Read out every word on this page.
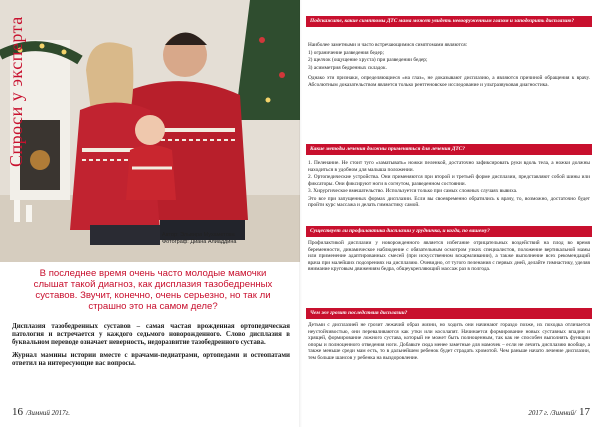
Спроси у эксперта
Автор: Эльвира Мухаметова
Фотограф: Диана Алиаддина
В последнее время очень часто молодые мамочки слышат такой диагноз, как дисплазия тазобедренных суставов. Звучит, конечно, очень серьезно, но так ли страшно это на самом деле?

Дисплазия тазобедренных суставов – самая частая врожденная ортопедическая патология и встречается у каждого седьмого новорожденного. Слово дисплазия в буквальном переводе означает неверность, недоразвитие тазобедренного сустава.

Журнал мамины истории вместе с врачами-педиатрами, ортопедами и остеопатами ответил на интересующие вас вопросы.

16 /Зимний 2017г.
Подскажите, какие симптомы ДТС мама может увидеть невооруженным глазом и заподозрить дисплазию?

Наиболее заметными и часто встречающимися симптомами являются:

1) ограничение разведения бедер;

2) щелчок (ощущение хруста) при разведении бедер;

3) асимметрия бедренных складок.

Однако эти признаки, определяющиеся «на глаз», не доказывают дисплазию, а являются причиной обращения к врачу. Абсолютным доказательством является только рентгеновское исследование и ультразвуковая диагностика.

Какие методы лечения должны применяться для лечения ДТС?

1. Пеленание. Не стоит туго «заматывать» ножки пеленкой, достаточно зафиксировать руки вдоль тела, а ножки должны находиться в удобном для малыша положении.

2. Ортопедические устройства. Они применяются при второй и третьей форме дисплазии, представляют собой шины или фиксаторы. Они фиксируют ноги в согнутом, разведенном состоянии.

3. Хирургическое вмешательство. Используется только при самых сложных случаях вывиха.

Это все при запущенных формах дисплазии. Если вы своевременно обратились к врачу, то, возможно, достаточно будет пройти курс массажа и делать гимнастику самой.

Существует ли профилактика дисплазии у грудничка, и когда, по вашему?

Профилактикой дисплазии у новорожденного является избегание отрицательных воздействий на плод во время беременности, динамическое наблюдение с обязательным осмотром узких специалистов, положение вертикальной мамы или применение адаптированных смесей (при искусственном вскармливании), а также выполнение всех рекомендаций врача при малейших подозрениях на дисплазию. Очевидно, от тугого пеленания с первых дней, делайте гимнастику, уделяя внимание круговым движениям бедра, общеукрепляющий массаж раз в полгода.

Чем же грозит последствия дисплазии?

Детьми с дисплазией не грозит лежачий образ жизни, но ходить они начинают гораздо позже, их походка отличается неустойчивостью, они переваливаются как утки или косолапят. Начинается формирование новых суставных впадин и хрящей, формирование ложного сустава, который не может быть полноценным, так как не способен выполнять функции опоры и полноценного отведения ноги. Добавьте сюда менее заметные для мамочек – если не лечить дисплазию вообще, а также меньше среди мам есть, то в дальнейшем ребенок будет страдать хромотой. Чем раньше начато лечение дисплазии, тем больше шансов у ребенка на выздоровление.

2017 г. /Зимний/ 17
